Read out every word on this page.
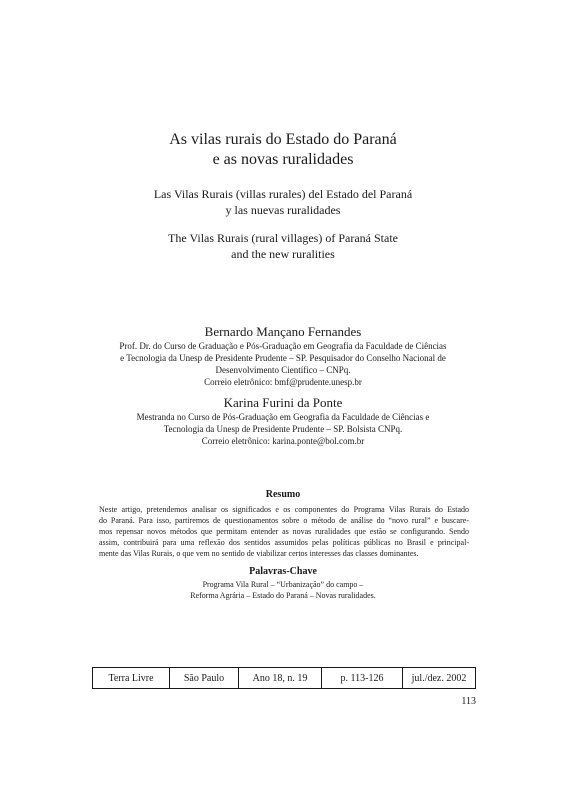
As vilas rurais do Estado do Paraná
e as novas ruralidades
Las Vilas Rurais (villas rurales) del Estado del Paraná
y las nuevas ruralidades
The Vilas Rurais (rural villages) of Paraná State
and the new ruralities
Bernardo Mançano Fernandes
Prof. Dr. do Curso de Graduação e Pós-Graduação em Geografia da Faculdade de Ciências
e Tecnologia da Unesp de Presidente Prudente – SP. Pesquisador do Conselho Nacional de
Desenvolvimento Científico – CNPq.
Correio eletrônico: bmf@prudente.unesp.br
Karina Furini da Ponte
Mestranda no Curso de Pós-Graduação em Geografia da Faculdade de Ciências e
Tecnologia da Unesp de Presidente Prudente – SP. Bolsista CNPq.
Correio eletrônico: karina.ponte@bol.com.br
Resumo
Neste artigo, pretendemos analisar os significados e os componentes do Programa Vilas Rurais do Estado
do Paraná. Para isso, partiremos de questionamentos sobre o método de análise do “novo rural” e buscare-
mos repensar novos métodos que permitam entender as novas ruralidades que estão se configurando. Sendo
assim, contribuirá para uma reflexão dos sentidos assumidos pelas políticas públicas no Brasil e principal-
mente das Vilas Rurais, o que vem no sentido de viabilizar certos interesses das classes dominantes.
Palavras-Chave
Programa Vila Rural – “Urbanização” do campo –
Reforma Agrária – Estado do Paraná – Novas ruralidades.
Terra Livre	São Paulo	Ano 18, n. 19	p. 113-126	jul./dez. 2002
113
